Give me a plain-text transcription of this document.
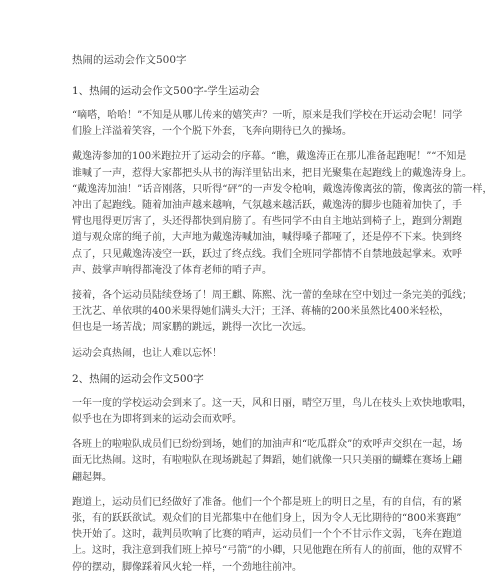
热闹的运动会作文500字
1、热闹的运动会作文500字-学生运动会
“嘀嗒，哈哈！”不知是从哪儿传来的嬉笑声？一听，原来是我们学校在开运动会呢！同学
们脸上洋溢着笑容，一个个脱下外套，飞奔向期待已久的操场。
戴逸涛参加的100米跑拉开了运动会的序幕。“瞧，戴逸涛正在那儿准备起跑呢！”“不知是
谁喊了一声，惹得大家都把头从书的海洋里钻出来，把目光聚集在起跑线上的戴逸涛身上。
“戴逸涛加油！”话音刚落，只听得“砰”的一声发令枪响，戴逸涛像离弦的箭，像离弦的箭一样，
冲出了起跑线。随着加油声越来越响，气氛越来越活跃，戴逸涛的脚步也随着加快了，手
臂也甩得更厉害了，头还得都快到肩膀了。有些同学不由自主地站到椅子上，跑到分割跑
道与观众席的绳子前，大声地为戴逸涛喊加油，喊得嗓子都哑了，还是停不下来。快到终
点了，只见戴逸涛凌空一跃，跃过了终点线。我们全班同学都情不自禁地鼓起掌来。欢呼
声、鼓掌声响得都淹没了体育老师的哨子声。
接着，各个运动员陆续登场了！周王麒、陈熙、沈一蕾的垒球在空中划过一条完美的弧线；
王沈艺、单依琪的400米果得她们满头大汗；王泽、蒋楠的200米虽然比400米轻松，
但也是一场苦战；周家鹏的跳远，跳得一次比一次远。
运动会真热闹，也让人难以忘怀！
2、热闹的运动会作文500字
一年一度的学校运动会到来了。这一天，风和日丽，晴空万里，鸟儿在枝头上欢快地歌唱，
似乎也在为即将到来的运动会而欢呼。
各班上的啦啦队成员们已纷纷到场，她们的加油声和“吃瓜群众”的欢呼声交织在一起，场
面无比热闹。这时，有啦啦队在现场跳起了舞蹈，她们就像一只只美丽的蝴蝶在赛场上翩
翩起舞。
跑道上，运动员们已经做好了准备。他们一个个都是班上的明日之星，有的自信，有的紧
张，有的跃跃欲试。观众们的目光都集中在他们身上，因为令人无比期待的“800米赛跑”
快开始了。这时，裁判员吹响了比赛的哨声，运动员们一个个不甘示作文弱，飞奔在跑道
上。这时，我注意到我们班上掉号“弓箭”的小卿，只见他跑在所有人的前面，他的双臂不
停的摆动，脚像踩着风火轮一样，一个劲地往前冲。
